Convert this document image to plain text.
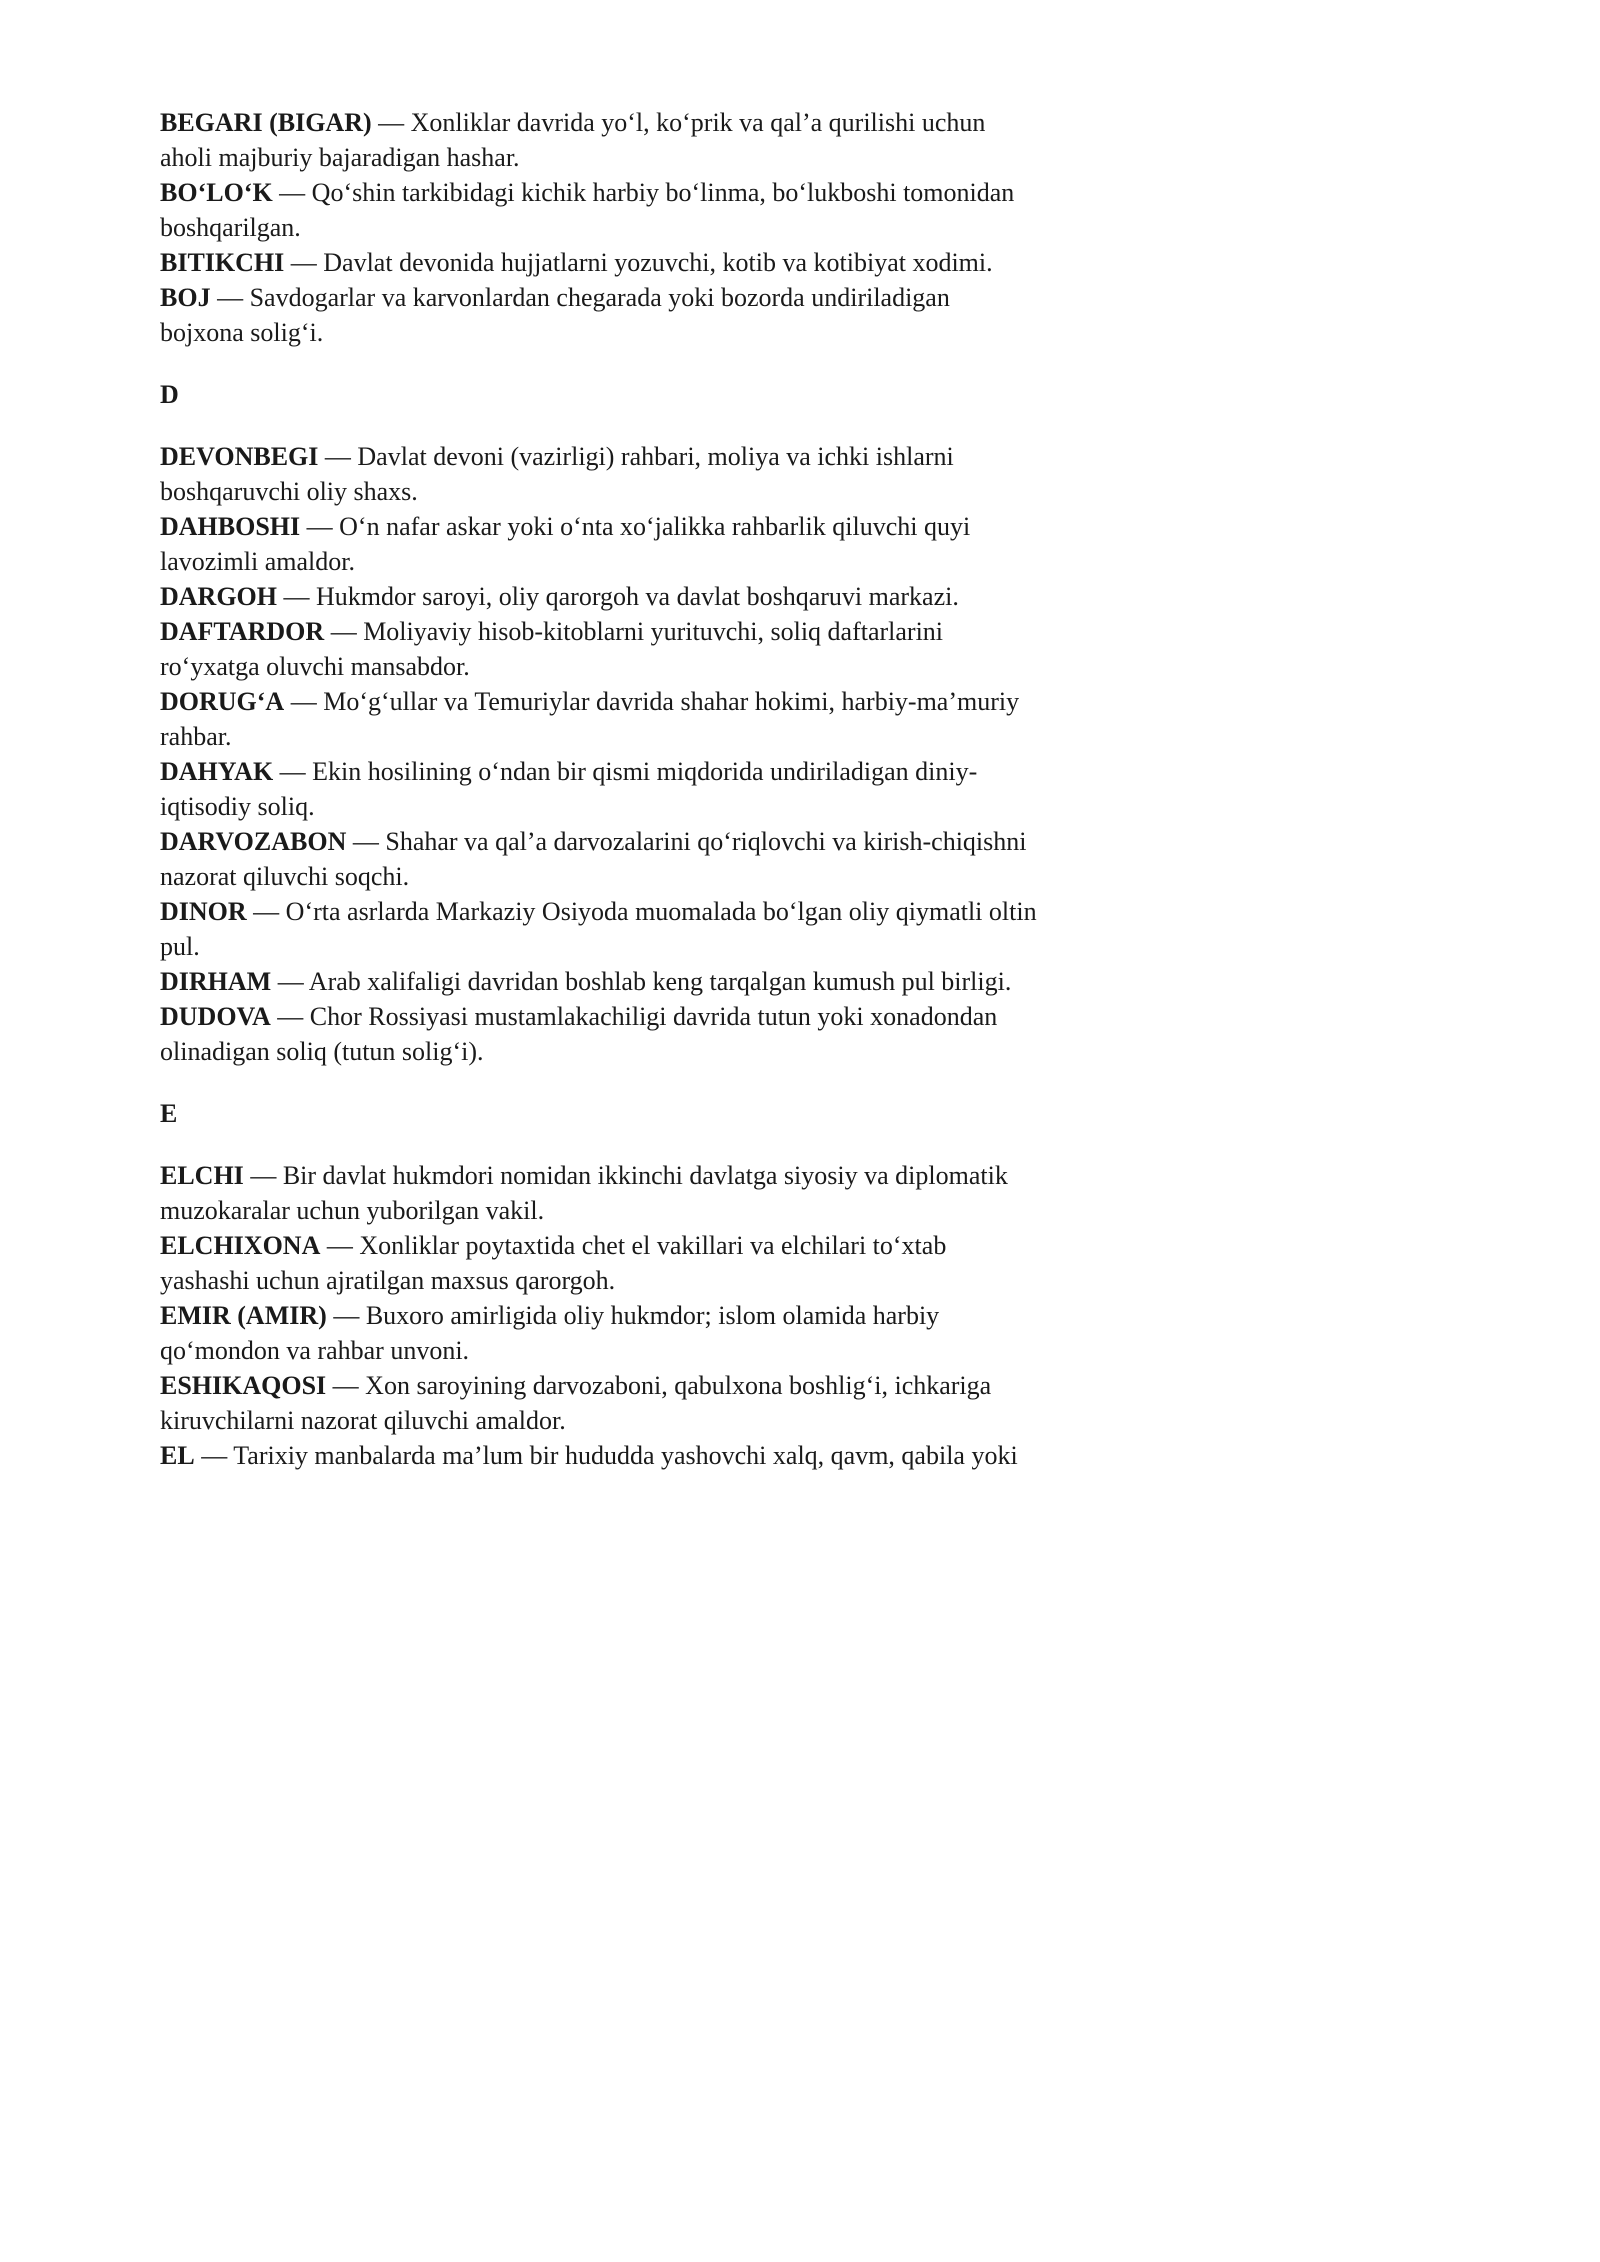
BEGARI (BIGAR) — Xonliklar davrida yo‘l, ko‘prik va qal’a qurilishi uchun aholi majburiy bajaradigan hashar.

BO‘LO‘K — Qo‘shin tarkibidagi kichik harbiy bo‘linma, bo‘lukboshi tomonidan boshqarilgan.

BITIKCHI — Davlat devonida hujjatlarni yozuvchi, kotib va kotibiyat xodimi.

BOJ — Savdogarlar va karvonlardan chegarada yoki bozorda undiriladigan bojxona solig‘i.

D

DEVONBEGI — Davlat devoni (vazirligi) rahbari, moliya va ichki ishlarni boshqaruvchi oliy shaxs.

DAHBOSHI — O‘n nafar askar yoki o‘nta xo‘jalikka rahbarlik qiluvchi quyi lavozimli amaldor.

DARGOH — Hukmdor saroyi, oliy qarorgoh va davlat boshqaruvi markazi.

DAFTARDOR — Moliyaviy hisob-kitoblarni yurituvchi, soliq daftarlarini ro‘yxatga oluvchi mansabdor.

DORUG‘A — Mo‘g‘ullar va Temuriylar davrida shahar hokimi, harbiy-ma’muriy rahbar.

DAHYAK — Ekin hosilining o‘ndan bir qismi miqdorida undiriladigan diniy-iqtisodiy soliq.

DARVOZABON — Shahar va qal’a darvozalarini qo‘riqlovchi va kirish-chiqishni nazorat qiluvchi soqchi.

DINOR — O‘rta asrlarda Markaziy Osiyoda muomalada bo‘lgan oliy qiymatli oltin pul.

DIRHAM — Arab xalifaligi davridan boshlab keng tarqalgan kumush pul birligi.

DUDOVA — Chor Rossiyasi mustamlakachiligi davrida tutun yoki xonadondan olinadigan soliq (tutun solig‘i).

E

ELCHI — Bir davlat hukmdori nomidan ikkinchi davlatga siyosiy va diplomatik muzokaralar uchun yuborilgan vakil.

ELCHIXONA — Xonliklar poytaxtida chet el vakillari va elchilari to‘xtab yashashi uchun ajratilgan maxsus qarorgoh.

EMIR (AMIR) — Buxoro amirligida oliy hukmdor; islom olamida harbiy qo‘mondon va rahbar unvoni.

ESHIKAQOSI — Xon saroyining darvozaboni, qabulxona boshlig‘i, ichkariga kiruvchilarni nazorat qiluvchi amaldor.

EL — Tarixiy manbalarda ma’lum bir hududda yashovchi xalq, qavm, qabila yoki
